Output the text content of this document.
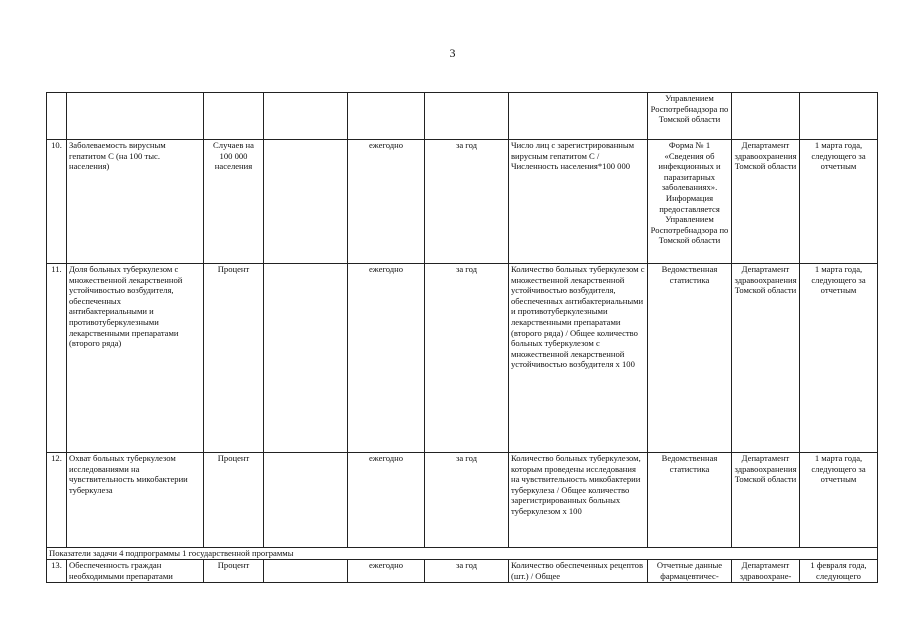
3
							Управлением Роспотребнадзора по Томской области		
10.	Заболеваемость вирусным гепатитом С (на 100 тыс. населения)	Случаев на 100 000 населения		ежегодно	за год	Число лиц с зарегистрированным вирусным гепатитом С / Численность населения*100 000	Форма № 1 «Сведения об инфекционных и паразитарных заболеваниях». Информация предоставляется Управлением Роспотребнадзора по Томской области	Департамент здравоохранения Томской области	1 марта года, следующего за отчетным
11.	Доля больных туберкулезом с множественной лекарственной устойчивостью возбудителя, обеспеченных антибактериальными и противотуберкулезными лекарственными препаратами (второго ряда)	Процент		ежегодно	за год	Количество больных туберкулезом с множественной лекарственной устойчивостью возбудителя, обеспеченных антибактериальными и противотуберкулезными лекарственными препаратами (второго ряда) / Общее количество больных туберкулезом с множественной лекарственной устойчивостью возбудителя х 100	Ведомственная статистика	Департамент здравоохранения Томской области	1 марта года, следующего за отчетным
12.	Охват больных туберкулезом исследованиями на чувствительность микобактерии туберкулеза	Процент		ежегодно	за год	Количество больных туберкулезом, которым проведены исследования на чувствительность микобактерии туберкулеза / Общее количество зарегистрированных больных туберкулезом х 100	Ведомственная статистика	Департамент здравоохранения Томской области	1 марта года, следующего за отчетным
Показатели задачи 4 подпрограммы 1 государственной программы									
13.	Обеспеченность граждан необходимыми препаратами	Процент		ежегодно	за год	Количество обеспеченных рецептов (шт.) / Общее	Отчетные данные фармацевтичес-	Департамент здравоохране-	1 февраля года, следующего
